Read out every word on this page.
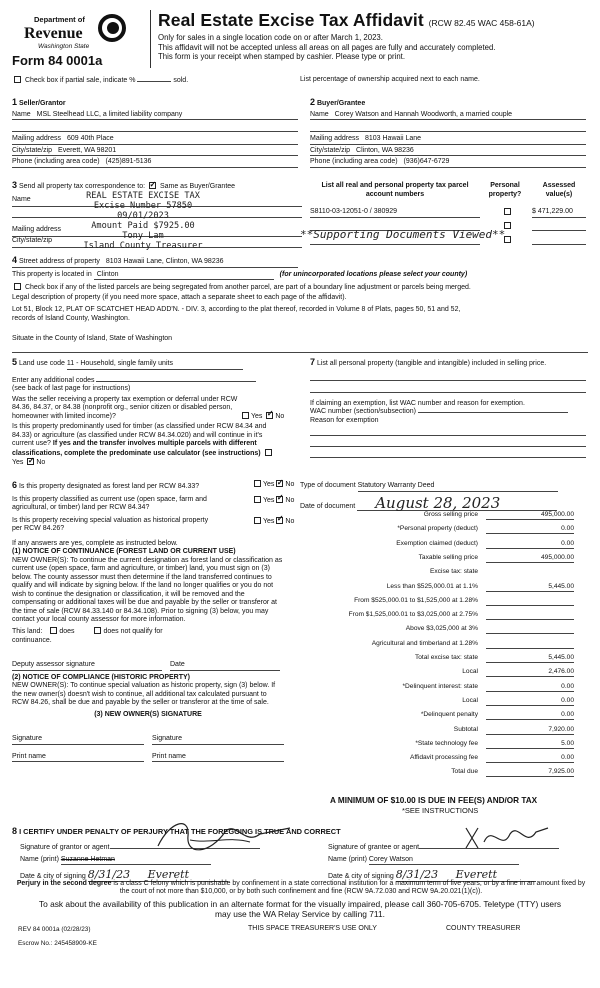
Department of
Revenue
Washington State
Form 84 0001a
Real Estate Excise Tax Affidavit (RCW 82.45 WAC 458-61A)
Only for sales in a single location code on or after March 1, 2023.
This affidavit will not be accepted unless all areas on all pages are fully and accurately completed.
This form is your receipt when stamped by cashier. Please type or print.
Check box if partial sale, indicate %	sold.	List percentage of ownership acquired next to each name.
1 Seller/Grantor
Name MSL Steelhead LLC, a limited liability company
Mailing address 609 40th Place
City/state/zip Everett, WA 98201
Phone (including area code) (425)891-5136
2 Buyer/Grantee
Name Corey Watson and Hannah Woodworth, a married couple
Mailing address 8103 Hawaii Lane
City/state/zip Clinton, WA 98236
Phone (including area code) (936)647-6729
3 Send all property tax correspondence to: ✓ Same as Buyer/Grantee
Name
Mailing address
City/state/zip
REAL ESTATE EXCISE TAX
Excise Number 57850
09/01/2023
Amount Paid $7925.00
Tony Lam
Island County Treasurer
List all real and personal property tax parcel account numbers
Personal property?
Assessed value(s)
S8110-03-12051-0 / 380929	$ 471,229.00
**Supporting Documents Viewed**
4 Street address of property 8103 Hawaii Lane, Clinton, WA 98236
This property is located in Clinton	(for unincorporated locations please select your county)
Check box if any of the listed parcels are being segregated from another parcel, are part of a boundary line adjustment or parcels being merged.
Legal description of property (if you need more space, attach a separate sheet to each page of the affidavit).
Lot 51, Block 12, PLAT OF SCATCHET HEAD ADD'N. - DIV. 3, according to the plat thereof, recorded in Volume 8 of Plats, pages 50, 51 and 52,
records of Island County, Washington.
Situate in the County of Island, State of Washington
5 Land use code 11 - Household, single family units
Enter any additional codes
(see back of last page for instructions)
Was the seller receiving a property tax exemption or deferral under RCW 84.36, 84.37, or 84.38 (nonprofit org., senior citizen or disabled person, homeowner with limited income)?	Yes ✓ No
Is this property predominantly used for timber (as classified under RCW 84.34 and 84.33) or agriculture (as classified under RCW 84.34.020) and will continue in it's current use? If yes and the transfer involves multiple parcels with different classifications, complete the predominate use calculator (see instructions) Yes ✓ No
7 List all personal property (tangible and intangible) included in selling price.
If claiming an exemption, list WAC number and reason for exemption.
WAC number (section/subsection)
Reason for exemption
6 Is this property designated as forest land per RCW 84.33?	Yes ✓ No
Is this property classified as current use (open space, farm and agricultural, or timber) land per RCW 84.34?
Yes ✓ No
Is this property receiving special valuation as historical property per RCW 84.26?
Yes ✓ No
If any answers are yes, complete as instructed below.
(1) NOTICE OF CONTINUANCE (FOREST LAND OR CURRENT USE)
NEW OWNER(S): To continue the current designation as forest land or classification as current use (open space, farm and agriculture, or timber) land, you must sign on (3) below. The county assessor must then determine if the land transferred continues to qualify and will indicate by signing below. If the land no longer qualifies or you do not wish to continue the designation or classification, it will be removed and the compensating or additional taxes will be due and payable by the seller or transferor at the time of sale (RCW 84.33.140 or 84.34.108). Prior to signing (3) below, you may contact your local county assessor for more information.
This land: does	does not qualify for
continuance.
Deputy assessor signature	Date
(2) NOTICE OF COMPLIANCE (HISTORIC PROPERTY)
NEW OWNER(S): To continue special valuation as historic property, sign (3) below. If the new owner(s) doesn't wish to continue, all additional tax calculated pursuant to RCW 84.26, shall be due and payable by the seller or transferor at the time of sale.
(3) NEW OWNER(S) SIGNATURE
Signature	Signature
Print name	Print name
Type of document Statutory Warranty Deed
Date of document August 28, 2023
Gross selling price	495,000.00
*Personal property (deduct)	0.00
Exemption claimed (deduct)	0.00
Taxable selling price	495,000.00
Excise tax: state
Less than $525,000.01 at 1.1%	5,445.00
From $525,000.01 to $1,525,000 at 1.28%
From $1,525,000.01 to $3,025,000 at 2.75%
Above $3,025,000 at 3%
Agricultural and timberland at 1.28%
Total excise tax: state	5,445.00
Local	2,476.00
*Delinquent interest: state	0.00
Local	0.00
*Delinquent penalty	0.00
Subtotal	7,920.00
*State technology fee	5.00
Affidavit processing fee	0.00
Total due	7,925.00
A MINIMUM OF $10.00 IS DUE IN FEE(S) AND/OR TAX
*SEE INSTRUCTIONS
8 I CERTIFY UNDER PENALTY OF PERJURY THAT THE FOREGOING IS TRUE AND CORRECT
Signature of grantor or agent
Name (print) Suzanne Hetman
Date & city of signing 8/31/23 Everett
Signature of grantee or agent
Name (print) Corey Watson
Date & city of signing 8/31/23 Everett
Perjury in the second degree is a class C felony which is punishable by confinement in a state correctional institution for a maximum term of five years, or by a fine in an amount fixed by the court of not more than $10,000, or by both such confinement and fine (RCW 9A.72.030 and RCW 9A.20.021(1)(c)).
To ask about the availability of this publication in an alternate format for the visually impaired, please call 360-705-6705. Teletype (TTY) users may use the WA Relay Service by calling 711.
REV 84 0001a (02/28/23)	THIS SPACE TREASURER'S USE ONLY	COUNTY TREASURER
Escrow No.: 245458909-KE
